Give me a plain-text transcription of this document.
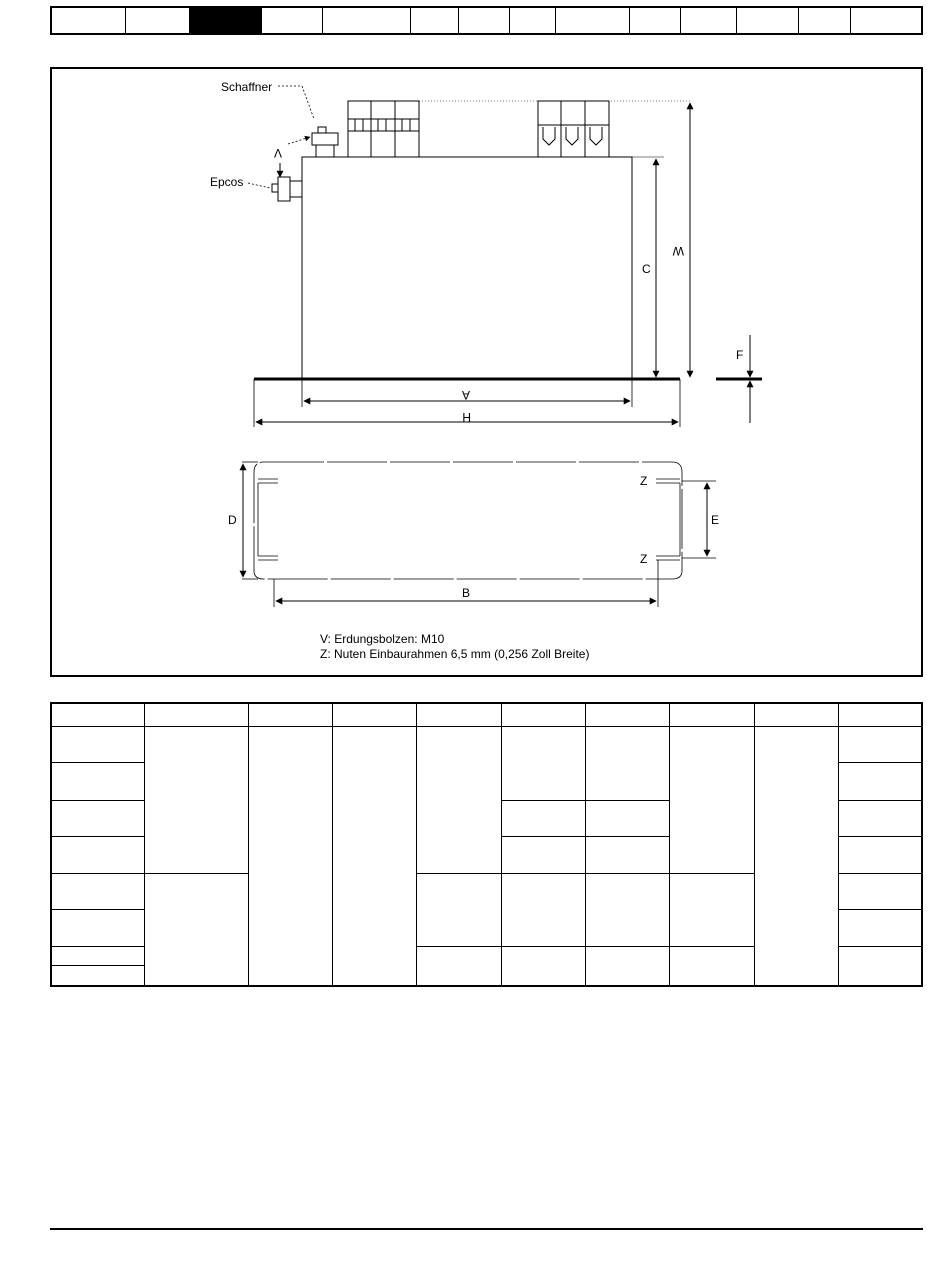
Schaffner
V
Epcos
W
C
A
H
F
D	E
Z
Z
B
V: Erdungsbolzen: M10
Z: Nuten Einbaurahmen 6,5 mm (0,256 Zoll Breite)
